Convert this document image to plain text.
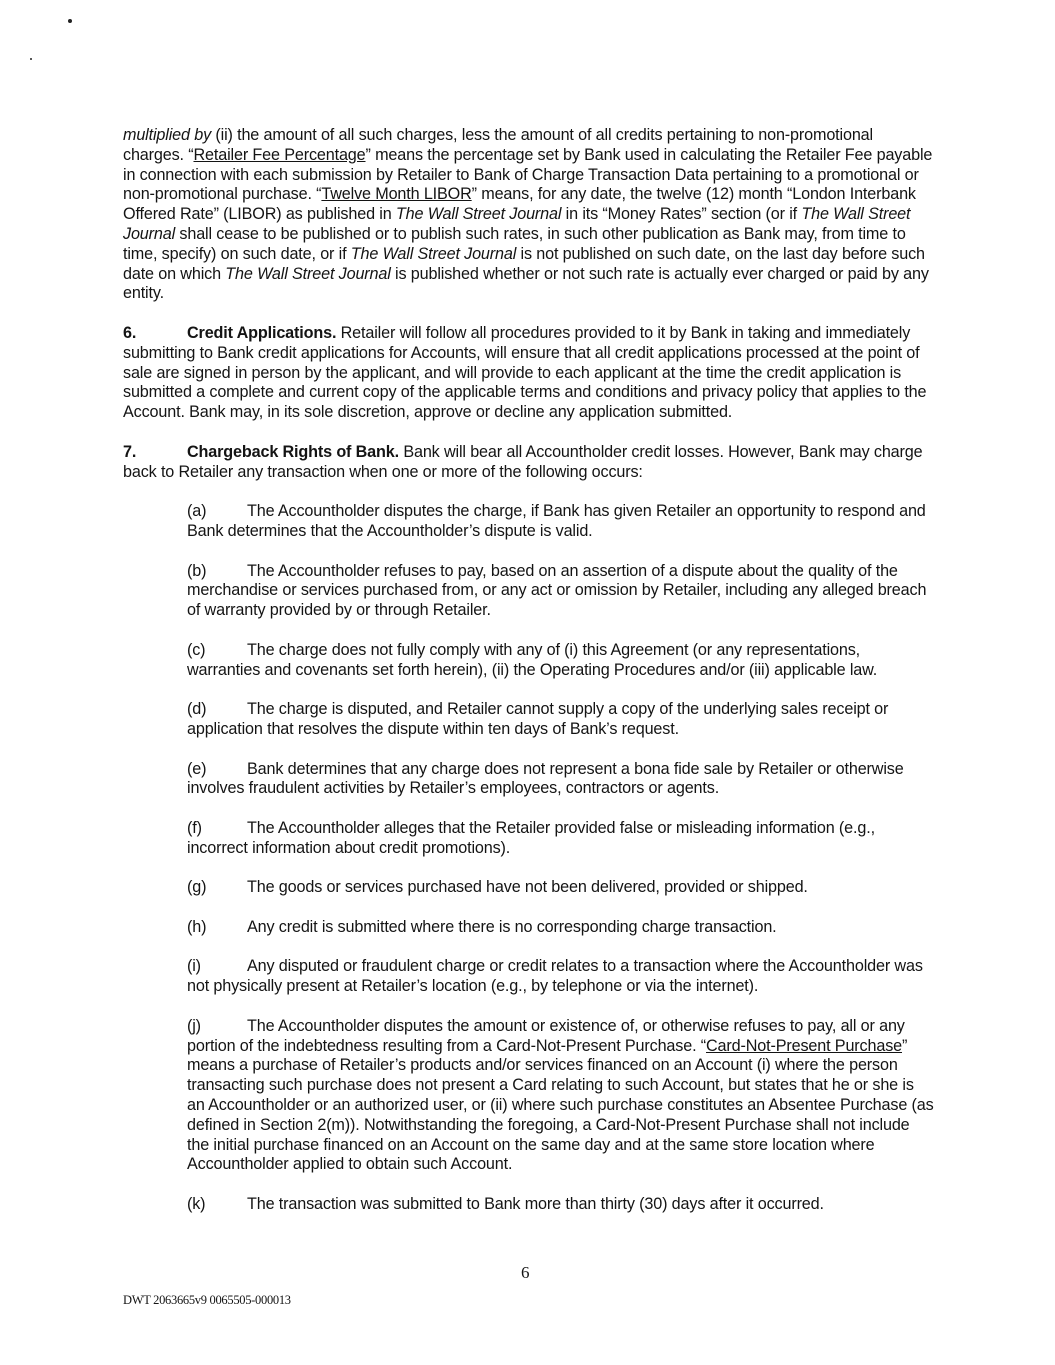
multiplied by (ii) the amount of all such charges, less the amount of all credits pertaining to non-promotional charges. “Retailer Fee Percentage” means the percentage set by Bank used in calculating the Retailer Fee payable in connection with each submission by Retailer to Bank of Charge Transaction Data pertaining to a promotional or non-promotional purchase. “Twelve Month LIBOR” means, for any date, the twelve (12) month “London Interbank Offered Rate” (LIBOR) as published in The Wall Street Journal in its “Money Rates” section (or if The Wall Street Journal shall cease to be published or to publish such rates, in such other publication as Bank may, from time to time, specify) on such date, or if The Wall Street Journal is not published on such date, on the last day before such date on which The Wall Street Journal is published whether or not such rate is actually ever charged or paid by any entity.

6.	Credit Applications. Retailer will follow all procedures provided to it by Bank in taking and immediately submitting to Bank credit applications for Accounts, will ensure that all credit applications processed at the point of sale are signed in person by the applicant, and will provide to each applicant at the time the credit application is submitted a complete and current copy of the applicable terms and conditions and privacy policy that applies to the Account. Bank may, in its sole discretion, approve or decline any application submitted.

7.	Chargeback Rights of Bank. Bank will bear all Accountholder credit losses. However, Bank may charge back to Retailer any transaction when one or more of the following occurs:

(a)	The Accountholder disputes the charge, if Bank has given Retailer an opportunity to respond and Bank determines that the Accountholder’s dispute is valid.

(b)	The Accountholder refuses to pay, based on an assertion of a dispute about the quality of the merchandise or services purchased from, or any act or omission by Retailer, including any alleged breach of warranty provided by or through Retailer.

(c)	The charge does not fully comply with any of (i) this Agreement (or any representations, warranties and covenants set forth herein), (ii) the Operating Procedures and/or (iii) applicable law.

(d)	The charge is disputed, and Retailer cannot supply a copy of the underlying sales receipt or application that resolves the dispute within ten days of Bank’s request.

(e)	Bank determines that any charge does not represent a bona fide sale by Retailer or otherwise involves fraudulent activities by Retailer’s employees, contractors or agents.

(f)	The Accountholder alleges that the Retailer provided false or misleading information (e.g., incorrect information about credit promotions).

(g)	The goods or services purchased have not been delivered, provided or shipped.

(h)	Any credit is submitted where there is no corresponding charge transaction.

(i)	Any disputed or fraudulent charge or credit relates to a transaction where the Accountholder was not physically present at Retailer’s location (e.g., by telephone or via the internet).

(j)	The Accountholder disputes the amount or existence of, or otherwise refuses to pay, all or any portion of the indebtedness resulting from a Card-Not-Present Purchase. “Card-Not-Present Purchase” means a purchase of Retailer’s products and/or services financed on an Account (i) where the person transacting such purchase does not present a Card relating to such Account, but states that he or she is an Accountholder or an authorized user, or (ii) where such purchase constitutes an Absentee Purchase (as defined in Section 2(m)). Notwithstanding the foregoing, a Card-Not-Present Purchase shall not include the initial purchase financed on an Account on the same day and at the same store location where Accountholder applied to obtain such Account.

(k)	The transaction was submitted to Bank more than thirty (30) days after it occurred.

6
DWT 2063665v9 0065505-000013
